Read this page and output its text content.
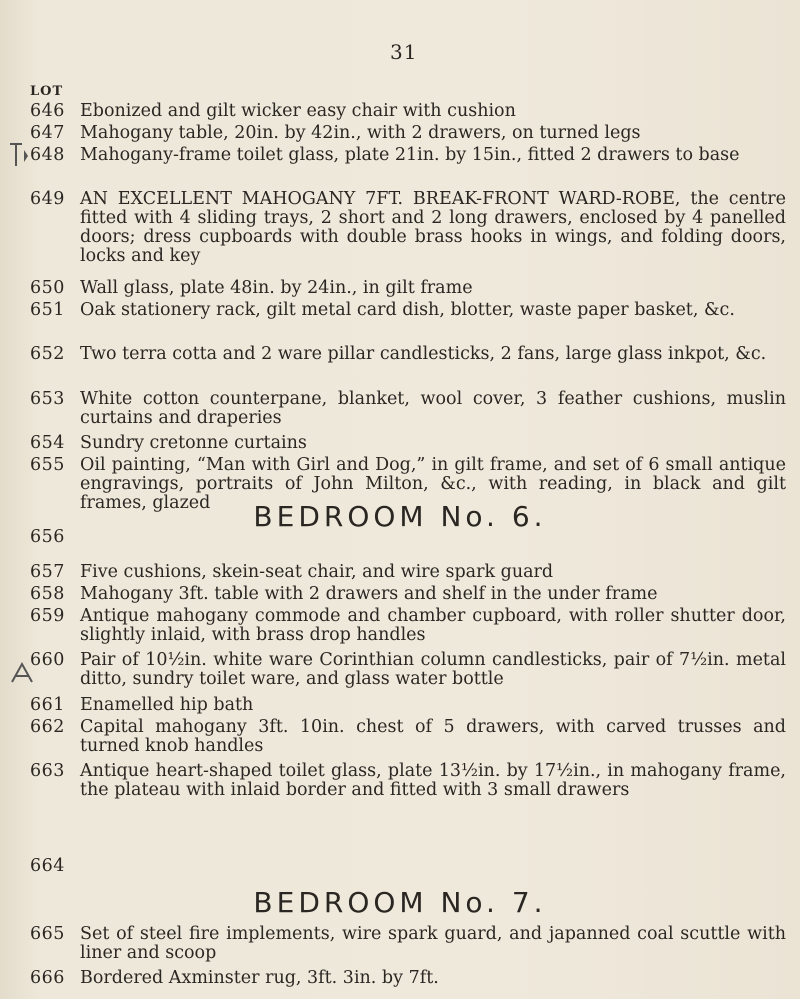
31
LOT
646 Ebonized and gilt wicker easy chair with cushion
647 Mahogany table, 20in. by 42in., with 2 drawers, on turned legs
648 Mahogany-frame toilet glass, plate 21in. by 15in., fitted 2 drawers to base
649 AN EXCELLENT MAHOGANY 7FT. BREAK-FRONT WARD-ROBE, the centre fitted with 4 sliding trays, 2 short and 2 long drawers, enclosed by 4 panelled doors; dress cupboards with double brass hooks in wings, and folding doors, locks and key
650 Wall glass, plate 48in. by 24in., in gilt frame
651 Oak stationery rack, gilt metal card dish, blotter, waste paper basket, &c.
652 Two terra cotta and 2 ware pillar candlesticks, 2 fans, large glass inkpot, &c.
653 White cotton counterpane, blanket, wool cover, 3 feather cushions, muslin curtains and draperies
654 Sundry cretonne curtains
655 Oil painting, “Man with Girl and Dog,” in gilt frame, and set of 6 small antique engravings, portraits of John Milton, &c., with reading, in black and gilt frames, glazed
656
BEDROOM No. 6.
657 Five cushions, skein-seat chair, and wire spark guard
658 Mahogany 3ft. table with 2 drawers and shelf in the under frame
659 Antique mahogany commode and chamber cupboard, with roller shutter door, slightly inlaid, with brass drop handles
660 Pair of 10½in. white ware Corinthian column candlesticks, pair of 7½in. metal ditto, sundry toilet ware, and glass water bottle
661 Enamelled hip bath
662 Capital mahogany 3ft. 10in. chest of 5 drawers, with carved trusses and turned knob handles
663 Antique heart-shaped toilet glass, plate 13½in. by 17½in., in mahogany frame, the plateau with inlaid border and fitted with 3 small drawers
664
BEDROOM No. 7.
665 Set of steel fire implements, wire spark guard, and japanned coal scuttle with liner and scoop
666 Bordered Axminster rug, 3ft. 3in. by 7ft.
